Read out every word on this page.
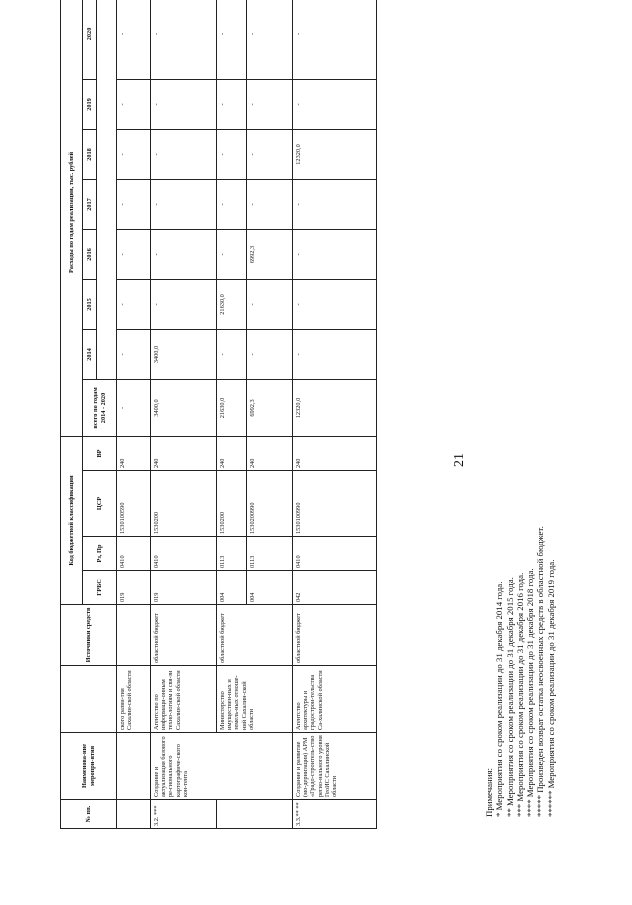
21
№ пп.	Наименова-ние меропри-ятия		Источники средств	Код бюджетной классификации				Расходы по годам реализации, тыс. рублей							
				ГРБС	Рз, Пр	ЦСР	ВР	всего по годам 2014 - 2020	2014	2015	2016	2017	2018	2019	2020

		ского разви-тия Сахалин-ской области		019	0410	1530100590	240	-	-	-	-	-	-	-	-
3.2. ***	Создание и актуализация базового ре-гионального картографиче-ского кон-тента	Агентство по информаци-онным техно-логиям и свя-зи Сахалин-ской области	областной бюджет	019	0410	1530200	240	3400,0	3400,0	-	-	-	-	-	-
		Министерство имуществен-ных и земель-ных отноше-ний Сахалин-ской области	областной бюджет	004	0113	1530200	240	21630,0	-	21630,0	-	-	-	-	-
				004	0113	1530200990	240	6992,3	-	-	6992,3	-	-	-	-
3.3.** **	Создание и развитие (мо-дернизация) АРМ «Градо-строитель-ство регио-нального уровня ГеоИС Сахалинской области	Агентство архитектуры и градострои-тельства Са-халинской области	областной бюджет	042	0410	1530100990	240	12320,0	-	-	-	-	12320,0	-	-
Примечания: * Мероприятия со сроком реализации до 31 декабря 2014 года. ** Мероприятия со сроком реализации до 31 декабря 2015 года. *** Мероприятия со сроком реализации до 31 декабря 2016 года. **** Мероприятия со сроком реализации до 31 декабря 2018 года. ***** Произведен возврат остатка неосвоенных средств в областной бюджет. ****** Мероприятия со сроком реализации до 31 декабря 2019 года.
